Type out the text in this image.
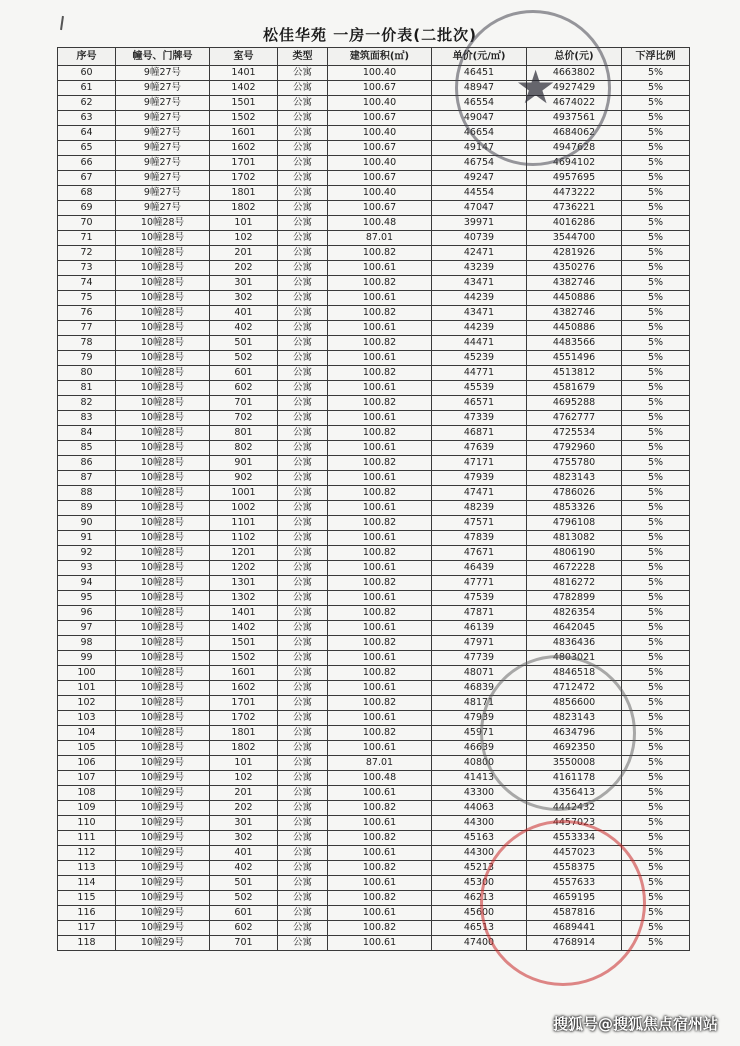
松佳华苑 一房一价表(二批次)
序号	幢号、门牌号	室号	类型	建筑面积(㎡)	单价(元/㎡)	总价(元)	下浮比例
60	9幢27号	1401	公寓	100.40	46451	4663802	5%
61	9幢27号	1402	公寓	100.67	48947	4927429	5%
62	9幢27号	1501	公寓	100.40	46554	4674022	5%
63	9幢27号	1502	公寓	100.67	49047	4937561	5%
64	9幢27号	1601	公寓	100.40	46654	4684062	5%
65	9幢27号	1602	公寓	100.67	49147	4947628	5%
66	9幢27号	1701	公寓	100.40	46754	4694102	5%
67	9幢27号	1702	公寓	100.67	49247	4957695	5%
68	9幢27号	1801	公寓	100.40	44554	4473222	5%
69	9幢27号	1802	公寓	100.67	47047	4736221	5%
70	10幢28号	101	公寓	100.48	39971	4016286	5%
71	10幢28号	102	公寓	87.01	40739	3544700	5%
72	10幢28号	201	公寓	100.82	42471	4281926	5%
73	10幢28号	202	公寓	100.61	43239	4350276	5%
74	10幢28号	301	公寓	100.82	43471	4382746	5%
75	10幢28号	302	公寓	100.61	44239	4450886	5%
76	10幢28号	401	公寓	100.82	43471	4382746	5%
77	10幢28号	402	公寓	100.61	44239	4450886	5%
78	10幢28号	501	公寓	100.82	44471	4483566	5%
79	10幢28号	502	公寓	100.61	45239	4551496	5%
80	10幢28号	601	公寓	100.82	44771	4513812	5%
81	10幢28号	602	公寓	100.61	45539	4581679	5%
82	10幢28号	701	公寓	100.82	46571	4695288	5%
83	10幢28号	702	公寓	100.61	47339	4762777	5%
84	10幢28号	801	公寓	100.82	46871	4725534	5%
85	10幢28号	802	公寓	100.61	47639	4792960	5%
86	10幢28号	901	公寓	100.82	47171	4755780	5%
87	10幢28号	902	公寓	100.61	47939	4823143	5%
88	10幢28号	1001	公寓	100.82	47471	4786026	5%
89	10幢28号	1002	公寓	100.61	48239	4853326	5%
90	10幢28号	1101	公寓	100.82	47571	4796108	5%
91	10幢28号	1102	公寓	100.61	47839	4813082	5%
92	10幢28号	1201	公寓	100.82	47671	4806190	5%
93	10幢28号	1202	公寓	100.61	46439	4672228	5%
94	10幢28号	1301	公寓	100.82	47771	4816272	5%
95	10幢28号	1302	公寓	100.61	47539	4782899	5%
96	10幢28号	1401	公寓	100.82	47871	4826354	5%
97	10幢28号	1402	公寓	100.61	46139	4642045	5%
98	10幢28号	1501	公寓	100.82	47971	4836436	5%
99	10幢28号	1502	公寓	100.61	47739	4803021	5%
100	10幢28号	1601	公寓	100.82	48071	4846518	5%
101	10幢28号	1602	公寓	100.61	46839	4712472	5%
102	10幢28号	1701	公寓	100.82	48171	4856600	5%
103	10幢28号	1702	公寓	100.61	47939	4823143	5%
104	10幢28号	1801	公寓	100.82	45971	4634796	5%
105	10幢28号	1802	公寓	100.61	46639	4692350	5%
106	10幢29号	101	公寓	87.01	40800	3550008	5%
107	10幢29号	102	公寓	100.48	41413	4161178	5%
108	10幢29号	201	公寓	100.61	43300	4356413	5%
109	10幢29号	202	公寓	100.82	44063	4442432	5%
110	10幢29号	301	公寓	100.61	44300	4457023	5%
111	10幢29号	302	公寓	100.82	45163	4553334	5%
112	10幢29号	401	公寓	100.61	44300	4457023	5%
113	10幢29号	402	公寓	100.82	45213	4558375	5%
114	10幢29号	501	公寓	100.61	45300	4557633	5%
115	10幢29号	502	公寓	100.82	46213	4659195	5%
116	10幢29号	601	公寓	100.61	45600	4587816	5%
117	10幢29号	602	公寓	100.82	46513	4689441	5%
118	10幢29号	701	公寓	100.61	47400	4768914	5%
★
搜狐号@搜狐焦点宿州站
